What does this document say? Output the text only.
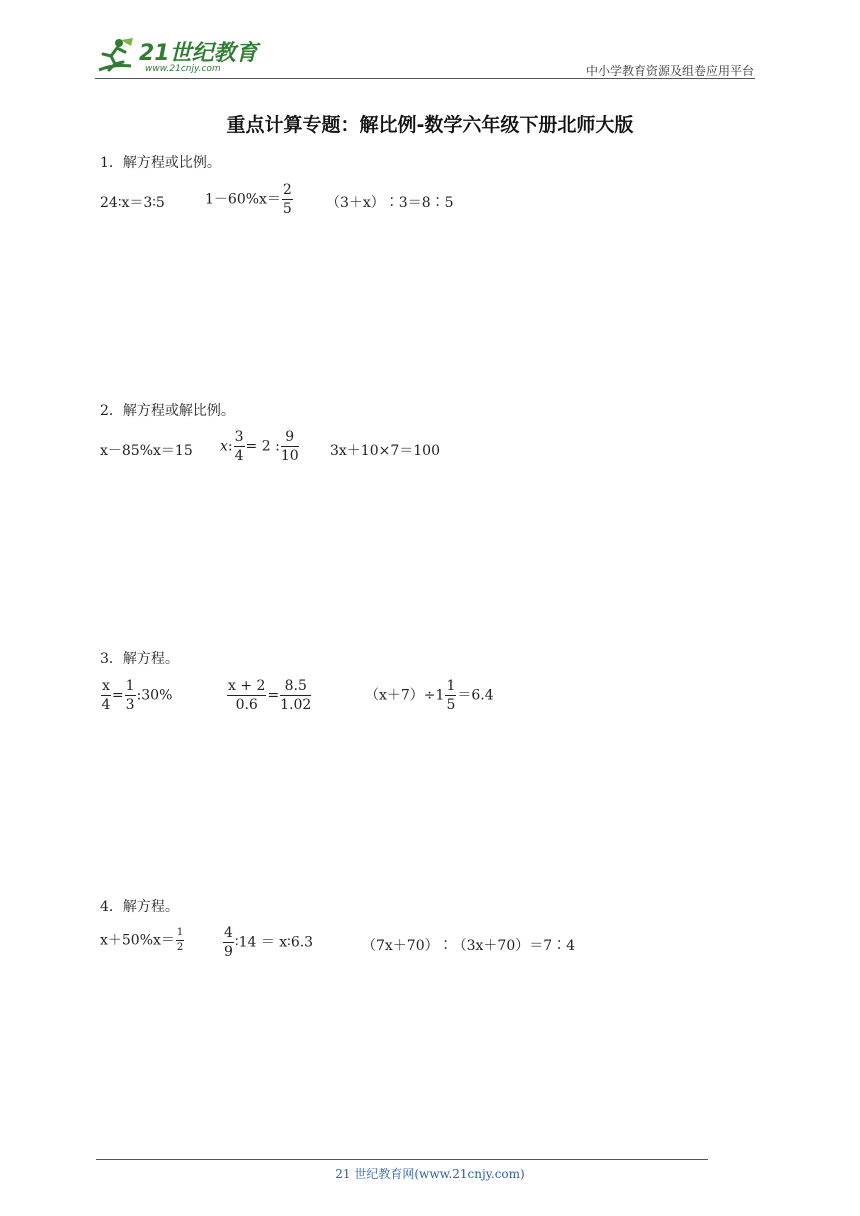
21世纪教育
www.21cnjy.com	中小学教育资源及组卷应用平台
重点计算专题：解比例-数学六年级下册北师大版
1．解方程或比例。
24∶x＝3∶5	$1-60\%x= \frac{2}{5}$ （3＋x）∶3＝8∶5
2．解方程或解比例。
x－85%x＝15 x: $\frac{3}{4} = 2$ : $\frac{9}{10} 3x+10\times 7=100$
3．解方程。
$\frac{x}{4} = \frac{1}{3}$ :30%	$\frac{x + 2}{0.6} = \frac{8.5}{1.02}$	$(x+7)\div 1 \frac{1}{5} =6.4$
4．解方程。
$x+50\%x= \frac{1}{2}$	$\frac{4}{9}$ ∶14 ＝ x∶6.3	（7x＋70）∶（3x＋70）＝7∶4
21 世纪教育网(www.21cnjy.com)
